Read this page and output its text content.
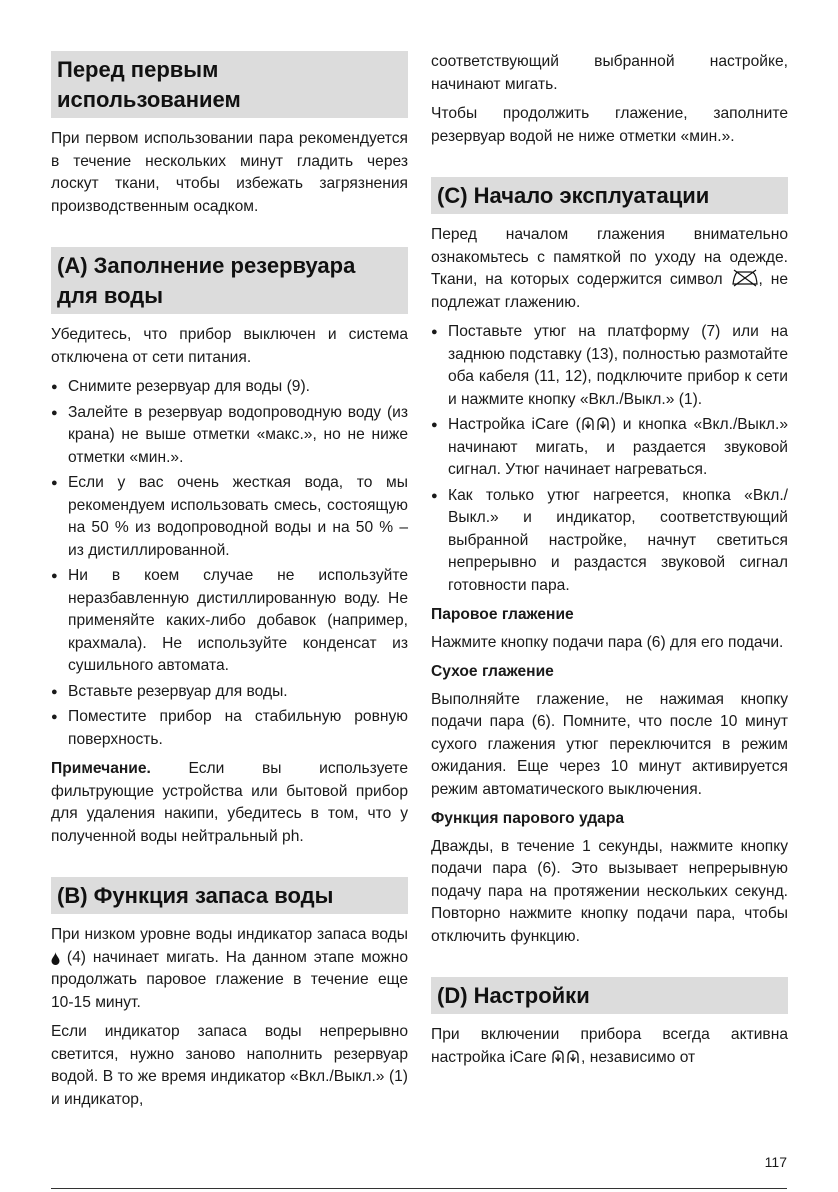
Перед первым использованием

При первом использовании пара рекомендуется в течение нескольких минут гладить через лоскут ткани, чтобы избежать загрязнения производственным осадком.

(A) Заполнение резервуара для воды

Убедитесь, что прибор выключен и система отключена от сети питания.

● Снимите резервуар для воды (9).
● Залейте в резервуар водопроводную воду (из крана) не выше отметки «макс.», но не ниже отметки «мин.».
● Если у вас очень жесткая вода, то мы рекомендуем использовать смесь, состоящую на 50 % из водопроводной воды и на 50 % – из дистиллированной.
● Ни в коем случае не используйте неразбавленную дистиллированную воду. Не применяйте каких-либо добавок (например, крахмала). Не используйте конденсат из сушильного автомата.
● Вставьте резервуар для воды.
● Поместите прибор на стабильную ровную поверхность.

Примечание. Если вы используете фильтрующие устройства или бытовой прибор для удаления накипи, убедитесь в том, что у полученной воды нейтральный ph.

(B) Функция запаса воды

При низком уровне воды индикатор запаса воды  (4) начинает мигать. На данном этапе можно продолжать паровое глажение в течение еще 10-15 минут.

Если индикатор запаса воды непрерывно светится, нужно заново наполнить резервуар водой. В то же время индикатор «Вкл./Выкл.» (1) и индикатор,

соответствующий выбранной настройке, начинают мигать.

Чтобы продолжить глажение, заполните резервуар водой не ниже отметки «мин.».

(C) Начало эксплуатации

Перед началом глажения внимательно ознакомьтесь с памяткой по уходу на одежде. Ткани, на которых содержится символ , не подлежат глажению.

● Поставьте утюг на платформу (7) или на заднюю подставку (13), полностью размотайте оба кабеля (11, 12), подключите прибор к сети и нажмите кнопку «Вкл./Выкл.» (1).
● Настройка iCare ( ) и кнопка «Вкл./Выкл.» начинают мигать, и раздается звуковой сигнал. Утюг начинает нагреваться.
● Как только утюг нагреется, кнопка «Вкл./Выкл.» и индикатор, соответствующий выбранной настройке, начнут светиться непрерывно и раздастся звуковой сигнал готовности пара.
Паровое глажение

Нажмите кнопку подачи пара (6) для его подачи.

Сухое глажение

Выполняйте глажение, не нажимая кнопку подачи пара (6). Помните, что после 10 минут сухого глажения утюг переключится в режим ожидания. Еще через 10 минут активируется режим автоматического выключения.

Функция парового удара

Дважды, в течение 1 секунды, нажмите кнопку подачи пара (6). Это вызывает непрерывную подачу пара на протяжении нескольких секунд. Повторно нажмите кнопку подачи пара, чтобы отключить функцию.

(D) Настройки

При включении прибора всегда активна настройка iCare , независимо от

117
